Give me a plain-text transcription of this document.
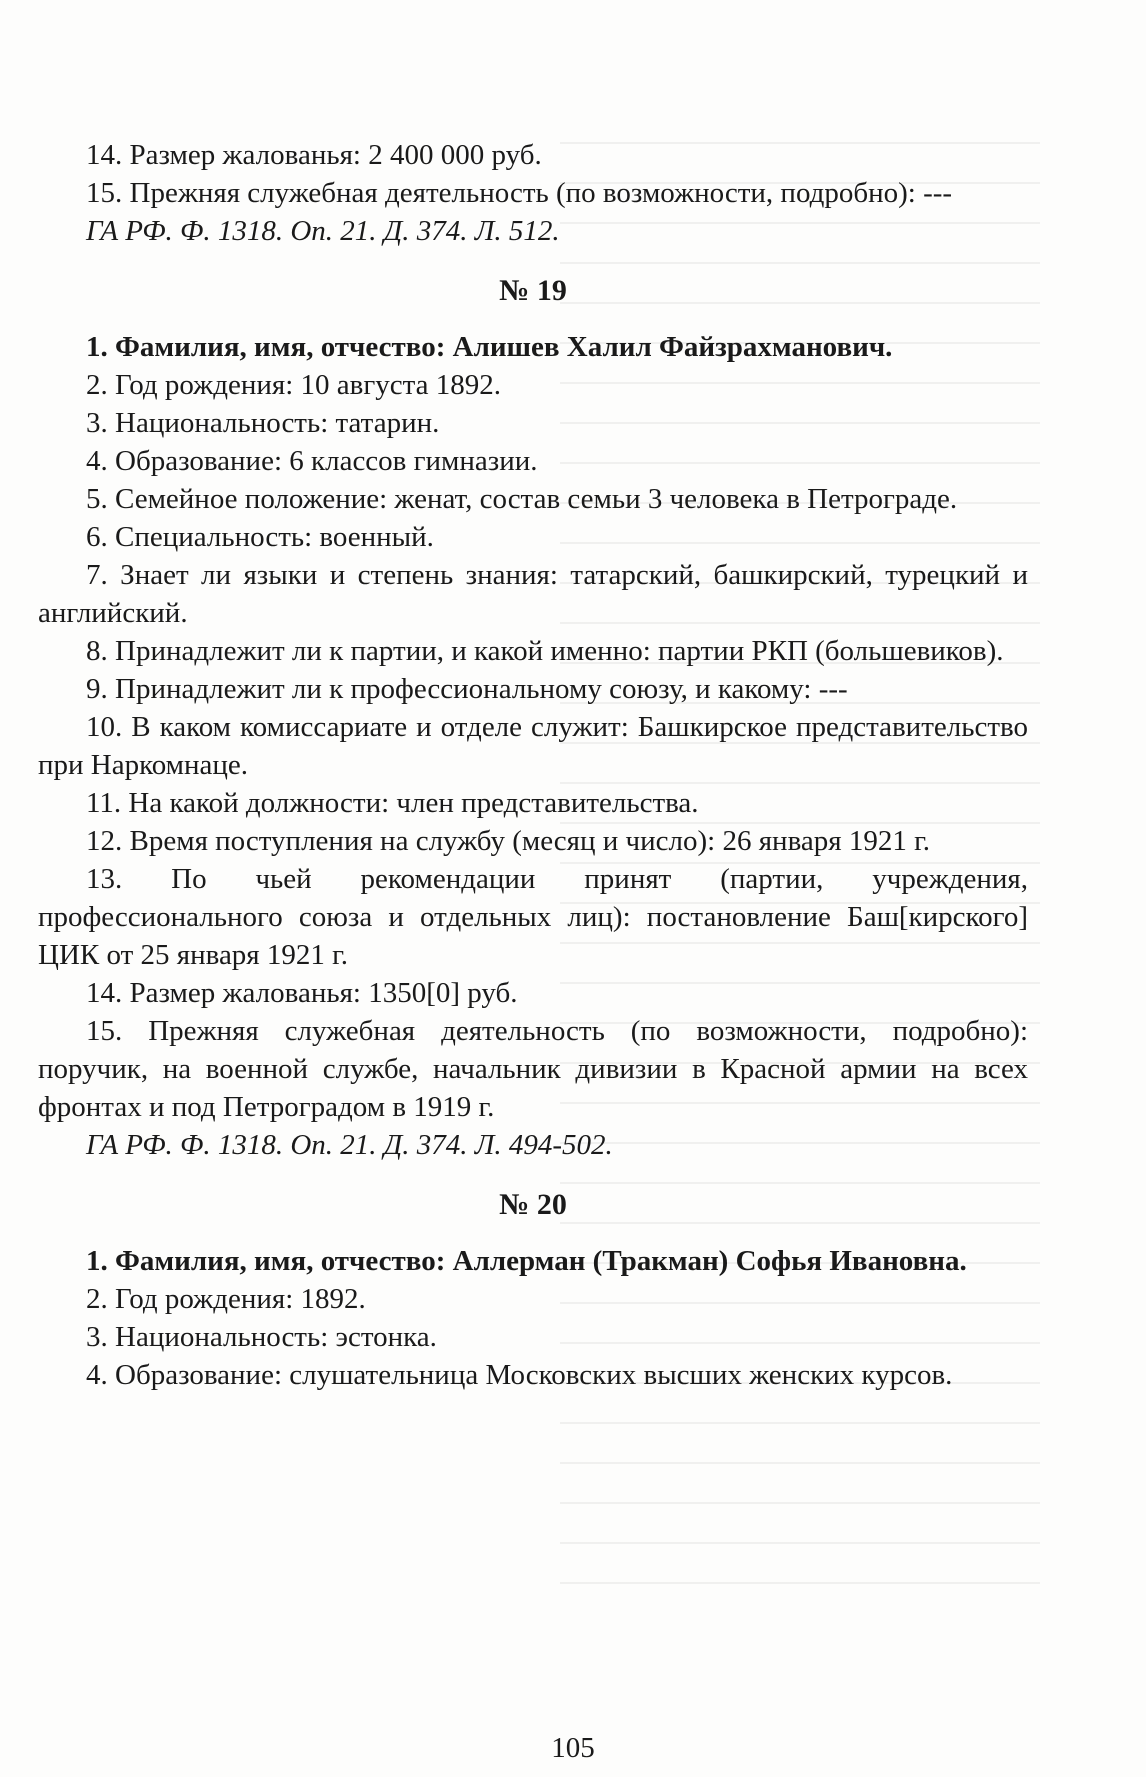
14. Размер жалованья: 2 400 000 руб.

15. Прежняя служебная деятельность (по возможности, подробно): ---

ГА РФ. Ф. 1318. Оп. 21. Д. 374. Л. 512.

№ 19

1. Фамилия, имя, отчество: Алишев Халил Файзрахманович.

2. Год рождения: 10 августа 1892.

3. Национальность: татарин.

4. Образование: 6 классов гимназии.

5. Семейное положение: женат, состав семьи 3 человека в Петрограде.

6. Специальность: военный.

7. Знает ли языки и степень знания: татарский, башкирский, турецкий и английский.

8. Принадлежит ли к партии, и какой именно: партии РКП (большевиков).

9. Принадлежит ли к профессиональному союзу, и какому: ---

10. В каком комиссариате и отделе служит: Башкирское представительство при Наркомнаце.

11. На какой должности: член представительства.

12. Время поступления на службу (месяц и число): 26 января 1921 г.

13. По чьей рекомендации принят (партии, учреждения, профессионального союза и отдельных лиц): постановление Баш[кирского] ЦИК от 25 января 1921 г.

14. Размер жалованья: 1350[0] руб.

15. Прежняя служебная деятельность (по возможности, подробно): поручик, на военной службе, начальник дивизии в Красной армии на всех фронтах и под Петроградом в 1919 г.

ГА РФ. Ф. 1318. Оп. 21. Д. 374. Л. 494-502.

№ 20

1. Фамилия, имя, отчество: Аллерман (Тракман) Софья Ивановна.

2. Год рождения: 1892.

3. Национальность: эстонка.

4. Образование: слушательница Московских высших женских курсов.

105
